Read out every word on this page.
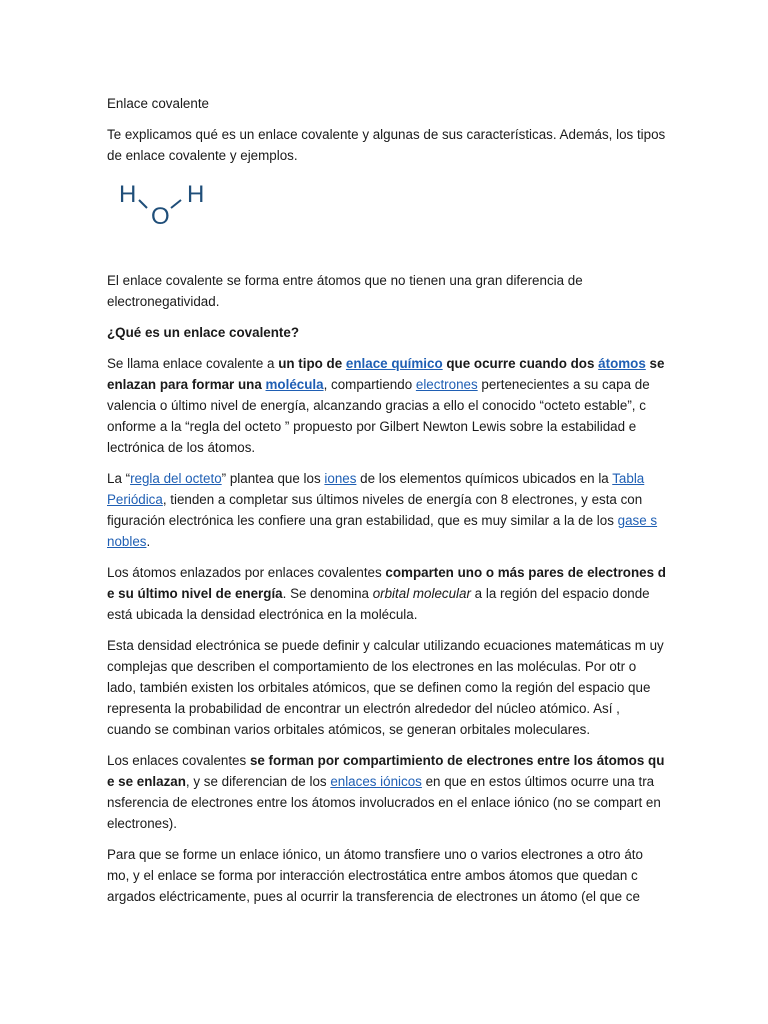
Enlace covalente

Te explicamos qué es un enlace covalente y algunas de sus características. Además, los tipos de enlace covalente y ejemplos.

H
O
H

El enlace covalente se forma entre átomos que no tienen una gran diferencia de electronegatividad.

¿Qué es un enlace covalente?

Se llama enlace covalente a un tipo de enlace químico que ocurre cuando dos átomos se enlazan para formar una molécula, compartiendo electrones pertenecientes a su capa de valencia o último nivel de energía, alcanzando gracias a ello el conocido “octeto estable”, c onforme a la “regla del octeto ” propuesto por Gilbert Newton Lewis sobre la estabilidad e lectrónica de los átomos.

La “regla del octeto” plantea que los iones de los elementos químicos ubicados en la Tabla Periódica, tienden a completar sus últimos niveles de energía con 8 electrones, y esta con figuración electrónica les confiere una gran estabilidad, que es muy similar a la de los gase s nobles.

Los átomos enlazados por enlaces covalentes comparten uno o más pares de electrones d e su último nivel de energía. Se denomina orbital molecular a la región del espacio donde está ubicada la densidad electrónica en la molécula.

Esta densidad electrónica se puede definir y calcular utilizando ecuaciones matemáticas m uy complejas que describen el comportamiento de los electrones en las moléculas. Por otr o lado, también existen los orbitales atómicos, que se definen como la región del espacio que representa la probabilidad de encontrar un electrón alrededor del núcleo atómico. Así , cuando se combinan varios orbitales atómicos, se generan orbitales moleculares.

Los enlaces covalentes se forman por compartimiento de electrones entre los átomos qu e se enlazan, y se diferencian de los enlaces iónicos en que en estos últimos ocurre una tra nsferencia de electrones entre los átomos involucrados en el enlace iónico (no se compart en electrones).

Para que se forme un enlace iónico, un átomo transfiere uno o varios electrones a otro áto mo, y el enlace se forma por interacción electrostática entre ambos átomos que quedan c argados eléctricamente, pues al ocurrir la transferencia de electrones un átomo (el que ce
